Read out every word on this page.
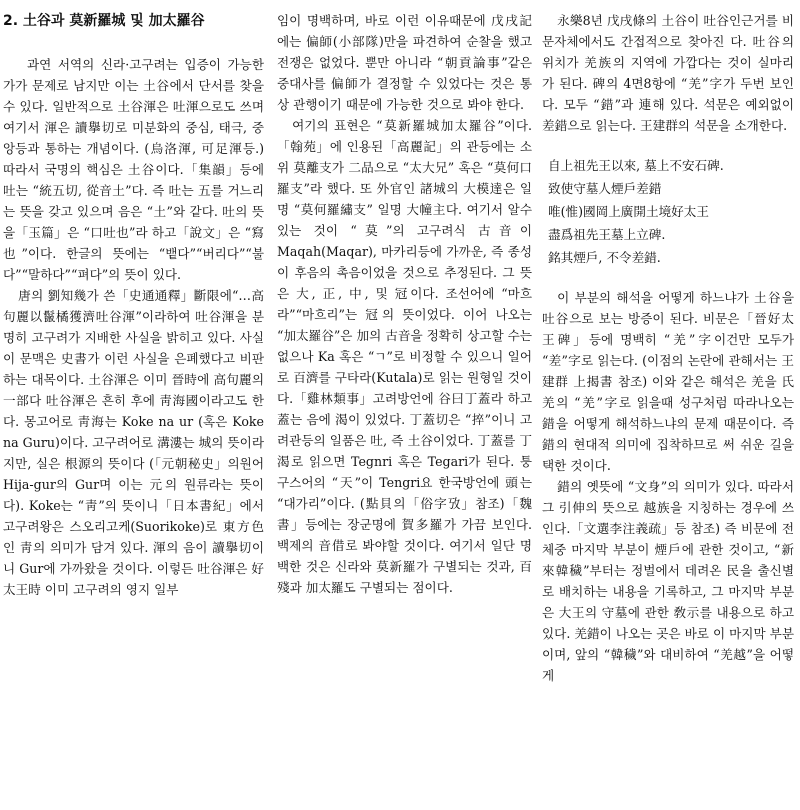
2. 土谷과 莫新羅城 및 加太羅谷

과연 서역의 신라·고구려는 입증이 가능한가가 문제로 남지만 이는 土谷에서 단서를 찾을 수 있다. 일반적으로 土谷渾은 吐渾으로도 쓰며 여기서 渾은 讀擧切로 미분화의 중심, 태극, 중앙등과 통하는 개념이다. (烏洛渾, 可足渾등.) 따라서 국명의 핵심은 土谷이다.「集韻」등에 吐는 “統五切, 從音土”다. 즉 吐는 五를 거느리는 뜻을 갖고 있으며 음은 “土”와 같다. 吐의 뜻을「玉篇」은 “口吐也”라 하고「說文」은 “寫也”이다. 한글의 뜻에는 “뱉다”“버리다”“불다”“말하다”“펴다”의 뜻이 있다.

唐의 劉知幾가 쓴「史通通釋」斷限에“…高句麗以鬣橘獲濟吐谷渾”이라하여 吐谷渾을 분명히 고구려가 지배한 사실을 밝히고 있다. 사실이 문맥은 史書가 이런 사실을 은폐했다고 비판하는 대목이다. 土谷渾은 이미 晉時에 高句麗의 一部다 吐谷渾은 흔히 후에 靑海國이라고도 한다. 몽고어로 靑海는 Koke na ur (혹은 Koke na Guru)이다. 고구려어로 溝漊는 城의 뜻이라지만, 실은 根源의 뜻이다 (「元朝秘史」의원어 Hija-gur의 Gur며 이는 元의 원류라는 뜻이다). Koke는 “靑”의 뜻이니「日本書紀」에서 고구려왕은 스오리고케(Suorikoke)로 東方色인 靑의 의미가 담겨 있다. 渾의 음이 讀擧切이니 Gur에 가까왔을 것이다. 이렇든 吐谷渾은 好太王時 이미 고구려의 영지 일부

임이 명백하며, 바로 이런 이유때문에 戊戌記에는 偏師(小部隊)만을 파견하여 순찰을 했고 전쟁은 없었다. 뿐만 아니라 “朝貢論事”같은 중대사를 偏師가 결정할 수 있었다는 것은 통상 관행이기 때문에 가능한 것으로 봐야 한다.

여기의 표현은 “莫新羅城加太羅谷”이다.「翰苑」에 인용된「高麗記」의 관등에는 소위 莫離支가 二品으로 “太大兄” 혹은 “莫何口羅支”라 했다. 또 外官인 諸城의 大模達은 일명 “莫何羅繡支” 일명 大幢主다. 여기서 알수 있는 것이 “莫”의 고구려식 古音이 Maqah(Maqar), 마카리등에 가까운, 즉 종성이 후음의 촉음이었을 것으로 추정된다. 그 뜻은 大, 正, 中, 및 冠이다. 조선어에 “마흐라”“마흐리”는 冠의 뜻이었다. 이어 나오는 “加太羅谷”은 加의 古音을 정확히 상고할 수는 없으나 Ka 혹은 “ㄱ”로 비정할 수 있으니 일어로 百濟를 구타라(Kutala)로 읽는 원형일 것이다.「雞林類事」고려방언에 谷曰丁蓋라 하고 蓋는 음에 渴이 있었다. 丁蓋切은 “捽”이니 고려관등의 일품은 吐, 즉 土谷이었다. 丁蓋를 丁渴로 읽으면 Tegnri 혹은 Tegari가 된다. 퉁구스어의 “天”이 Tengri요 한국방언에 頭는 “대가리”이다. (點貝의「俗字攷」참조)「魏書」등에는 장군명에 賀多羅가 가끔 보인다. 백제의 音借로 봐야할 것이다. 여기서 일단 명백한 것은 신라와 莫新羅가 구별되는 것과, 百殘과 加太羅도 구별되는 점이다.

永樂8년 戊戌條의 土谷이 吐谷인근거를 비문자체에서도 간접적으로 찾아진 다. 吐谷의 위치가 羌族의 지역에 가깝다는 것이 실마리가 된다. 碑의 4면8항에 “羌”字가 두번 보인다. 모두 “錯”과 連해 있다. 석문은 예외없이 差錯으로 읽는다. 王建群의 석문을 소개한다.

自上祖先王以來, 墓上不安石碑.
致使守墓人煙戶差錯
唯(惟)國岡上廣開土境好太王
盡爲祖先王墓上立碑.
銘其煙戶, 不令差錯.

이 부분의 해석을 어떻게 하느냐가 土谷을 吐谷으로 보는 방증이 된다. 비문은「晉好太王碑」등에 명백히 “羌”字이건만 모두가 “差”字로 읽는다. (이점의 논란에 관해서는 王建群 上揭書 참조) 이와 같은 해석은 羌을 氏羌의 “羌”字로 읽을때 성구처럼 따라나오는 錯을 어떻게 해석하느냐의 문제 때문이다. 즉 錯의 현대적 의미에 집착하므로 써 쉬운 길을 택한 것이다.

錯의 옛뜻에 “文身”의 의미가 있다. 따라서 그 引伸의 뜻으로 越族을 지칭하는 경우에 쓰인다.「文選李注義疏」등 참조) 즉 비문에 전체중 마지막 부분이 煙戶에 관한 것이고, “新來韓穢”부터는 정벌에서 데려온 民을 출신별로 배치하는 내용을 기록하고, 그 마지막 부분은 大王의 守墓에 관한 敎示를 내용으로 하고 있다. 羌錯이 나오는 곳은 바로 이 마지막 부분이며, 앞의 “韓穢”와 대비하여 “羌越”을 어떻게
